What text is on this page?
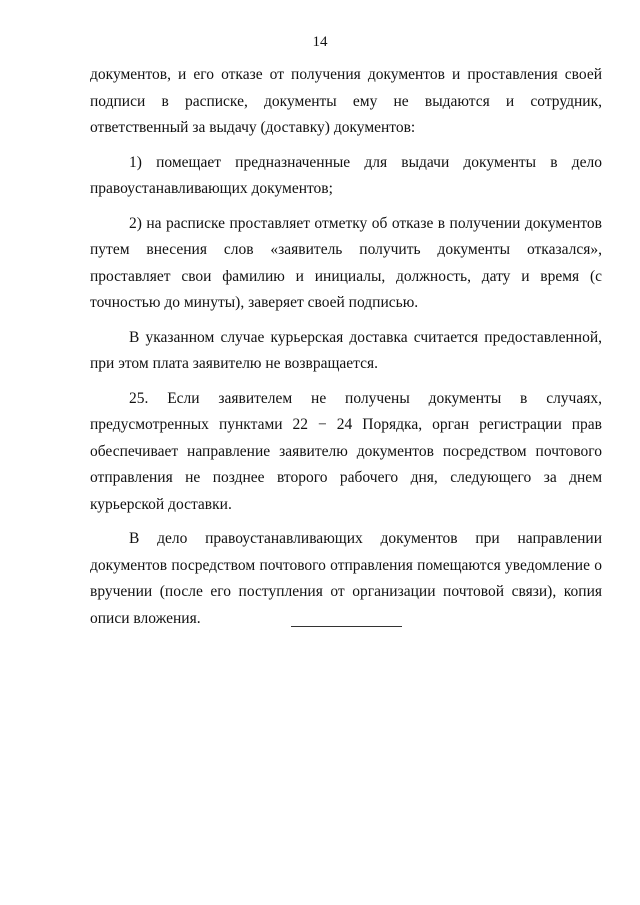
14

документов, и его отказе от получения документов и проставления своей подписи в расписке, документы ему не выдаются и сотрудник, ответственный за выдачу (доставку) документов:

1) помещает предназначенные для выдачи документы в дело правоустанавливающих документов;

2) на расписке проставляет отметку об отказе в получении документов путем внесения слов «заявитель получить документы отказался», проставляет свои фамилию и инициалы, должность, дату и время (с точностью до минуты), заверяет своей подписью.

В указанном случае курьерская доставка считается предоставленной, при этом плата заявителю не возвращается.

25. Если заявителем не получены документы в случаях, предусмотренных пунктами 22 − 24 Порядка, орган регистрации прав обеспечивает направление заявителю документов посредством почтового отправления не позднее второго рабочего дня, следующего за днем курьерской доставки.

В дело правоустанавливающих документов при направлении документов посредством почтового отправления помещаются уведомление о вручении (после его поступления от организации почтовой связи), копия описи вложения.
